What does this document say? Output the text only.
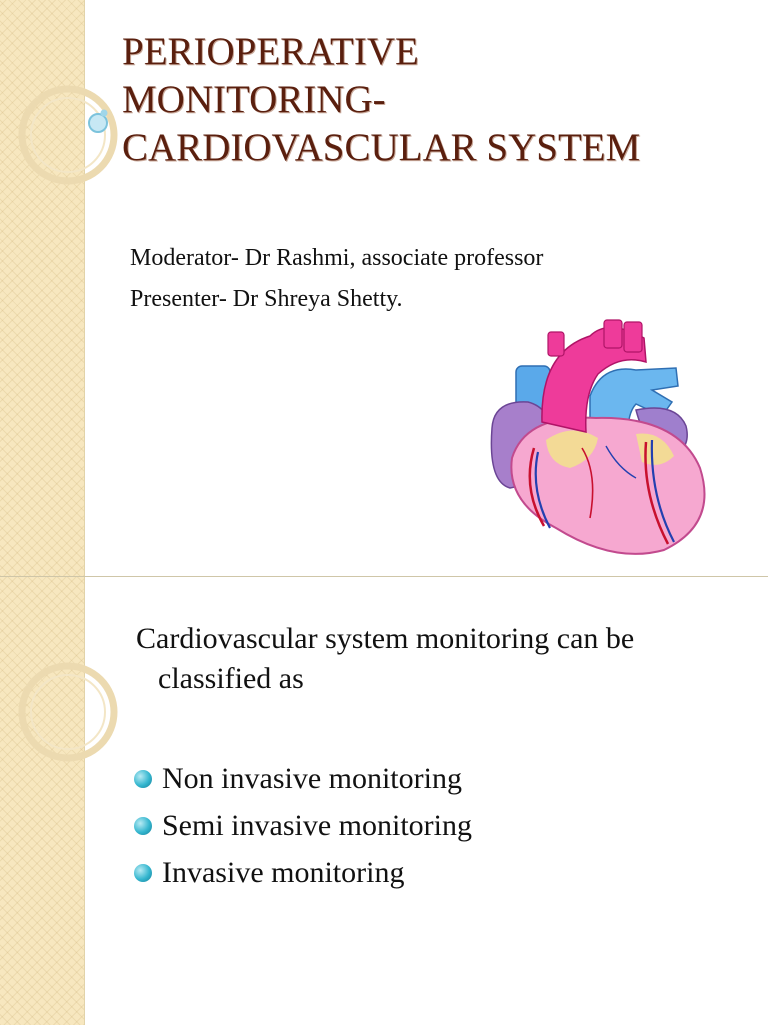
PERIOPERATIVE
MONITORING-
CARDIOVASCULAR SYSTEM
Moderator- Dr Rashmi, associate professor
Presenter- Dr Shreya Shetty.
Cardiovascular system monitoring can be
classified as
Non invasive monitoring
Semi invasive monitoring
Invasive monitoring
